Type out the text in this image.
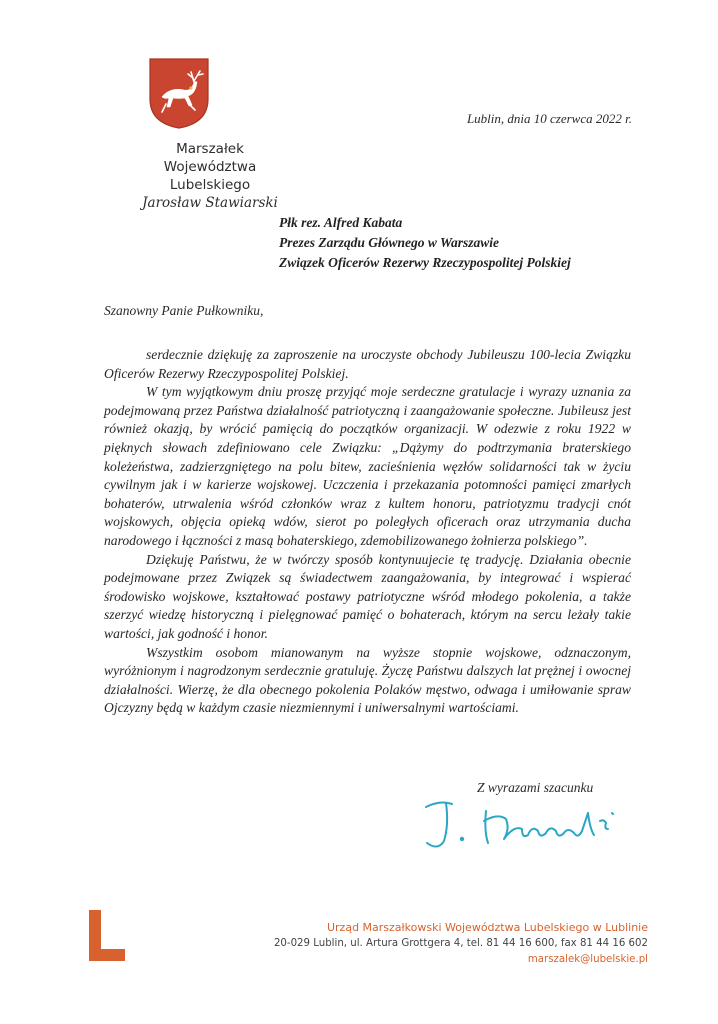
Marszałek
Województwa Lubelskiego
Jarosław Stawiarski
Lublin, dnia 10 czerwca 2022 r.
Płk rez. Alfred Kabata
Prezes Zarządu Głównego w Warszawie
Związek Oficerów Rezerwy Rzeczypospolitej Polskiej
Szanowny Panie Pułkowniku,

serdecznie dziękuję za zaproszenie na uroczyste obchody Jubileuszu 100-lecia Związku Oficerów Rezerwy Rzeczypospolitej Polskiej.

W tym wyjątkowym dniu proszę przyjąć moje serdeczne gratulacje i wyrazy uznania za podejmowaną przez Państwa działalność patriotyczną i zaangażowanie społeczne. Jubileusz jest również okazją, by wrócić pamięcią do początków organizacji. W odezwie z roku 1922 w pięknych słowach zdefiniowano cele Związku: „Dążymy do podtrzymania braterskiego koleżeństwa, zadzierzgniętego na polu bitew, zacieśnienia węzłów solidarności tak w życiu cywilnym jak i w karierze wojskowej. Uczczenia i przekazania potomności pamięci zmarłych bohaterów, utrwalenia wśród członków wraz z kultem honoru, patriotyzmu tradycji cnót wojskowych, objęcia opieką wdów, sierot po poległych oficerach oraz utrzymania ducha narodowego i łączności z masą bohaterskiego, zdemobilizowanego żołnierza polskiego”.

Dziękuję Państwu, że w twórczy sposób kontynuujecie tę tradycję. Działania obecnie podejmowane przez Związek są świadectwem zaangażowania, by integrować i wspierać środowisko wojskowe, kształtować postawy patriotyczne wśród młodego pokolenia, a także szerzyć wiedzę historyczną i pielęgnować pamięć o bohaterach, którym na sercu leżały takie wartości, jak godność i honor.

Wszystkim osobom mianowanym na wyższe stopnie wojskowe, odznaczonym, wyróżnionym i nagrodzonym serdecznie gratuluję. Życzę Państwu dalszych lat prężnej i owocnej działalności. Wierzę, że dla obecnego pokolenia Polaków męstwo, odwaga i umiłowanie spraw Ojczyzny będą w każdym czasie niezmiennymi i uniwersalnymi wartościami.

Z wyrazami szacunku
Urząd Marszałkowski Województwa Lubelskiego w Lublinie
20-029 Lublin, ul. Artura Grottgera 4, tel. 81 44 16 600, fax 81 44 16 602
marszalek@lubelskie.pl
